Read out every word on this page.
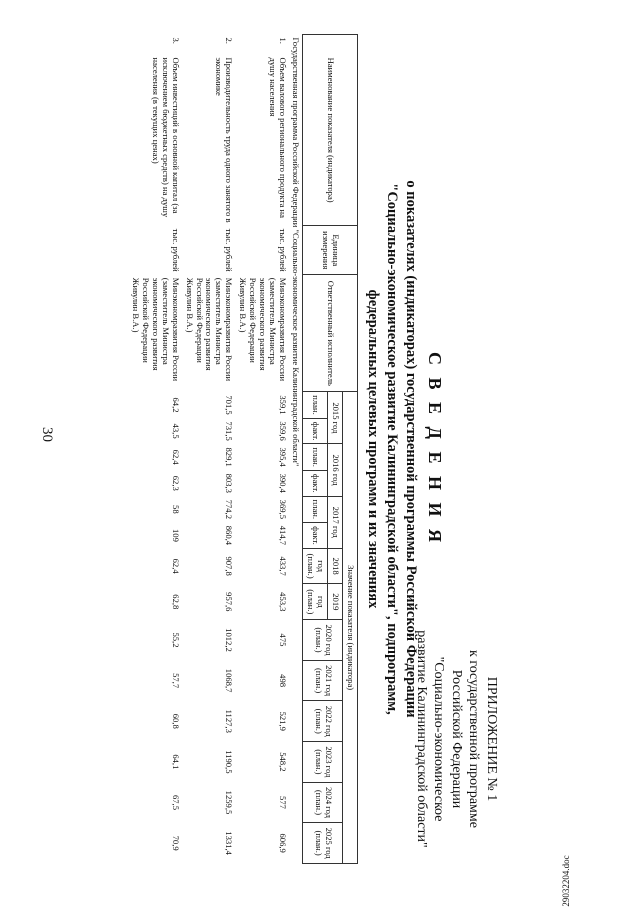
30
29032204.doc
ПРИЛОЖЕНИЕ № 1
к государственной программе
Российской Федерации
"Социально-экономическое
развитие Калининградской области"
С В Е Д Е Н И Я
о показателях (индикаторах) государственной программы Российской Федерации
"Социально-экономическое развитие Калининградской области", подпрограмм,
федеральных целевых программ и их значениях
Наименование показателя (индикатора)		Единица измерения	Ответственный исполнитель	Значение показателя (индикатора)													
				2015 год		2016 год		2017 год		2018	2019	2020 год (план.)	2021 год (план.)	2022 год (план.)	2023 год (план.)	2024 год (план.)	2025 год (план.)
				план.	факт.	план.	факт.	план.	факт.	год (план.)	год (план.)						
Государственная программа Российской Федерации "Социально-экономическое развитие Калининградской области"																	
1.	Объем валового регионального продукта на душу населения	тыс. рублей	Минэкономразвития России (заместитель Министра экономического развития Российской Федерации Живулин В.А.)	359,1	359,6	395,4	390,4	369,5	414,7	433,7	453,3	475	498	521,9	548,2	577	606,9
2.	Производительность труда одного занятого в экономике	тыс. рублей	Минэкономразвития России (заместитель Министра экономического развития Российской Федерации Живулин В.А.)	701,5	731,5	829,1	803,3	774,2	860,4	907,8	957,6	1012,2	1068,7	1127,3	1190,5	1259,5	1331,4
3.	Объем инвестиций в основной капитал (за исключением бюджетных средств) на душу населения (в текущих ценах)	тыс. рублей	Минэкономразвития России (заместитель Министра экономического развития Российской Федерации Живулин В.А.)	64,2	43,5	62,4	62,3	58	109	62,4	62,8	55,2	57,7	60,8	64,1	67,5	70,9
